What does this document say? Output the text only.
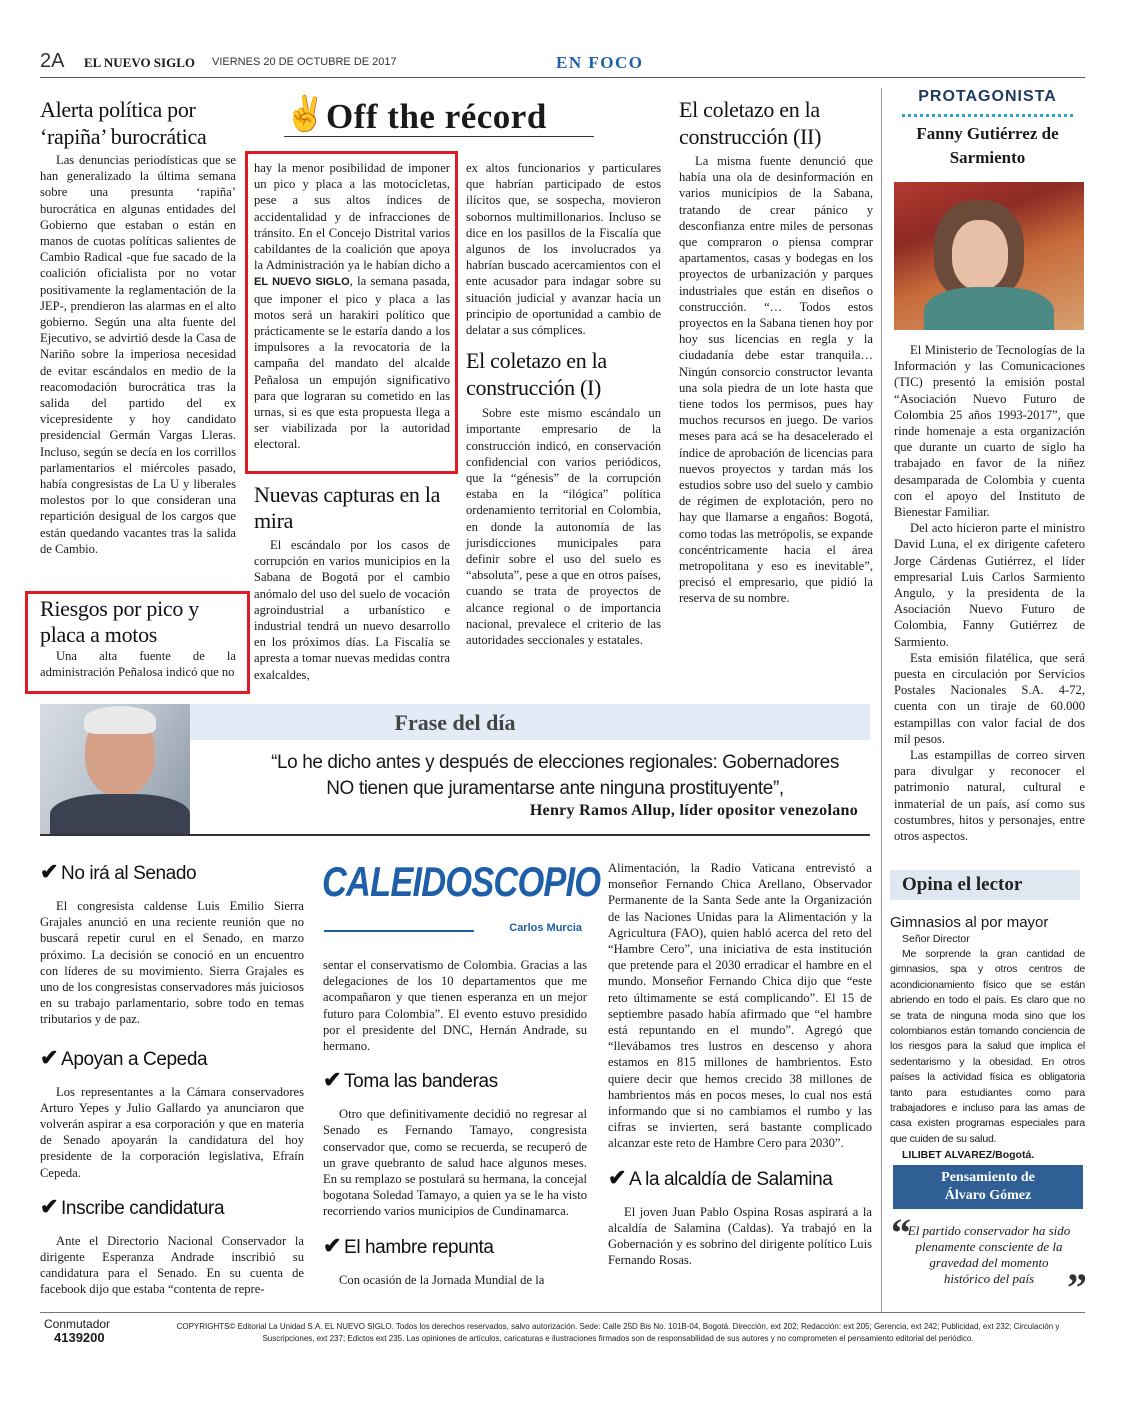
2A EL NUEVO SIGLO VIERNES 20 DE OCTUBRE DE 2017	EN FOCO
Alerta política por ‘rapiña’ burocrática

Las denuncias periodísticas que se han generalizado la última semana sobre una presunta ‘rapiña’ burocrática en algunas entidades del Gobierno que estaban o están en manos de cuotas políticas salientes de Cambio Radical -que fue sacado de la coalición oficialista por no votar positivamente la reglamentación de la JEP-, prendieron las alarmas en el alto gobierno. Según una alta fuente del Ejecutivo, se advirtió desde la Casa de Nariño sobre la imperiosa necesidad de evitar escándalos en medio de la reacomodación burocrática tras la salida del partido del ex vicepresidente y hoy candidato presidencial Germán Vargas Lleras. Incluso, según se decía en los corrillos parlamentarios el miércoles pasado, había congresistas de La U y liberales molestos por lo que consideran una repartición desigual de los cargos que están quedando vacantes tras la salida de Cambio.

Riesgos por pico y placa a motos

Una alta fuente de la administración Peñalosa indicó que no

✌ Off the récord
hay la menor posibilidad de imponer un pico y placa a las motocicletas, pese a sus altos índices de accidentalidad y de infracciones de tránsito. En el Concejo Distrital varios cabildantes de la coalición que apoya la Administración ya le habían dicho a EL NUEVO SIGLO, la semana pasada, que imponer el pico y placa a las motos será un harakiri político que prácticamente se le estaría dando a los impulsores a la revocatoria de la campaña del mandato del alcalde Peñalosa un empujón significativo para que lograran su cometido en las urnas, si es que esta propuesta llega a ser viabilizada por la autoridad electoral.
Nuevas capturas en la mira

El escándalo por los casos de corrupción en varios municipios en la Sabana de Bogotá por el cambio anómalo del uso del suelo de vocación agroindustrial a urbanístico e industrial tendrá un nuevo desarrollo en los próximos días. La Fiscalía se apresta a tomar nuevas medidas contra exalcaldes,

ex altos funcionarios y particulares que habrían participado de estos ilícitos que, se sospecha, movieron sobornos multimillonarios. Incluso se dice en los pasillos de la Fiscalía que algunos de los involucrados ya habrían buscado acercamientos con el ente acusador para indagar sobre su situación judicial y avanzar hacia un principio de oportunidad a cambio de delatar a sus cómplices.
El coletazo en la construcción (I)

Sobre este mismo escándalo un importante empresario de la construcción indicó, en conservación confidencial con varios periódicos, que la “génesis” de la corrupción estaba en la “ilógica” política ordenamiento territorial en Colombia, en donde la autonomía de las jurisdicciones municipales para definir sobre el uso del suelo es “absoluta”, pese a que en otros países, cuando se trata de proyectos de alcance regional o de importancia nacional, prevalece el criterio de las autoridades seccionales y estatales.

El coletazo en la construcción (II)

La misma fuente denunció que había una ola de desinformación en varios municipios de la Sabana, tratando de crear pánico y desconfianza entre miles de personas que compraron o piensa comprar apartamentos, casas y bodegas en los proyectos de urbanización y parques industriales que están en diseños o construcción. “… Todos estos proyectos en la Sabana tienen hoy por hoy sus licencias en regla y la ciudadanía debe estar tranquila… Ningún consorcio constructor levanta una sola piedra de un lote hasta que tiene todos los permisos, pues hay muchos recursos en juego. De varios meses para acá se ha desacelerado el índice de aprobación de licencias para nuevos proyectos y tardan más los estudios sobre uso del suelo y cambio de régimen de explotación, pero no hay que llamarse a engaños: Bogotá, como todas las metrópolis, se expande concéntricamente hacia el área metropolitana y eso es inevitable”, precisó el empresario, que pidió la reserva de su nombre.

PROTAGONISTA
Fanny Gutiérrez de Sarmiento

El Ministerio de Tecnologías de la Información y las Comunicaciones (TIC) presentó la emisión postal “Asociación Nuevo Futuro de Colombia 25 años 1993-2017”, que rinde homenaje a esta organización que durante un cuarto de siglo ha trabajado en favor de la niñez desamparada de Colombia y cuenta con el apoyo del Instituto de Bienestar Familiar.

Del acto hicieron parte el ministro David Luna, el ex dirigente cafetero Jorge Cárdenas Gutiérrez, el líder empresarial Luis Carlos Sarmiento Angulo, y la presidenta de la Asociación Nuevo Futuro de Colombia, Fanny Gutiérrez de Sarmiento.

Esta emisión filatélica, que será puesta en circulación por Servicios Postales Nacionales S.A. 4-72, cuenta con un tiraje de 60.000 estampillas con valor facial de dos mil pesos.

Las estampillas de correo sirven para divulgar y reconocer el patrimonio natural, cultural e inmaterial de un país, así como sus costumbres, hitos y personajes, entre otros aspectos.

Frase del día
“Lo he dicho antes y después de elecciones regionales: Gobernadores NO tienen que juramentarse ante ninguna prostituyente”,
Henry Ramos Allup, líder opositor venezolano
✔ No irá al Senado

El congresista caldense Luis Emilio Sierra Grajales anunció en una reciente reunión que no buscará repetir curul en el Senado, en marzo próximo. La decisión se conoció en un encuentro con líderes de su movimiento. Sierra Grajales es uno de los congresistas conservadores más juiciosos en su trabajo parlamentario, sobre todo en temas tributarios y de paz.

✔ Apoyan a Cepeda

Los representantes a la Cámara conservadores Arturo Yepes y Julio Gallardo ya anunciaron que volverán aspirar a esa corporación y que en materia de Senado apoyarán la candidatura del hoy presidente de la corporación legislativa, Efraín Cepeda.

✔ Inscribe candidatura

Ante el Directorio Nacional Conservador la dirigente Esperanza Andrade inscribió su candidatura para el Senado. En su cuenta de facebook dijo que estaba “contenta de repre-

CALEIDOSCOPIO
Carlos Murcia
sentar el conservatismo de Colombia. Gracias a las delegaciones de los 10 departamentos que me acompañaron y que tienen esperanza en un mejor futuro para Colombia”. El evento estuvo presidido por el presidente del DNC, Hernán Andrade, su hermano.
✔ Toma las banderas

Otro que definitivamente decidió no regresar al Senado es Fernando Tamayo, congresista conservador que, como se recuerda, se recuperó de un grave quebranto de salud hace algunos meses. En su remplazo se postulará su hermana, la concejal bogotana Soledad Tamayo, a quien ya se le ha visto recorriendo varios municipios de Cundinamarca.

✔ El hambre repunta

Con ocasión de la Jornada Mundial de la

Alimentación, la Radio Vaticana entrevistó a monseñor Fernando Chica Arellano, Observador Permanente de la Santa Sede ante la Organización de las Naciones Unidas para la Alimentación y la Agricultura (FAO), quien habló acerca del reto del “Hambre Cero”, una iniciativa de esta institución que pretende para el 2030 erradicar el hambre en el mundo. Monseñor Fernando Chica dijo que “este reto últimamente se está complicando”. El 15 de septiembre pasado había afirmado que “el hambre está repuntando en el mundo”. Agregó que “llevábamos tres lustros en descenso y ahora estamos en 815 millones de hambrientos. Esto quiere decir que hemos crecido 38 millones de hambrientos más en pocos meses, lo cual nos está informando que si no cambiamos el rumbo y las cifras se invierten, será bastante complicado alcanzar este reto de Hambre Cero para 2030”.
✔ A la alcaldía de Salamina

El joven Juan Pablo Ospina Rosas aspirará a la alcaldía de Salamina (Caldas). Ya trabajó en la Gobernación y es sobrino del dirigente político Luis Fernando Rosas.

Opina el lector
Gimnasios al por mayor
Señor Director
Me sorprende la gran cantidad de gimnasios, spa y otros centros de acondicionamiento físico que se están abriendo en todo el país. Es claro que no se trata de ninguna moda sino que los colombianos están tomando conciencia de los riesgos para la salud que implica el sedentarismo y la obesidad. En otros países la actividad física es obligatoria tanto para estudiantes como para trabajadores e incluso para las amas de casa existen programas especiales para que cuiden de su salud.
LILIBET ALVAREZ/Bogotá.
Pensamiento de Álvaro Gómez
“
El partido conservador ha sido plenamente consciente de la gravedad del momento histórico del país ”
Conmutador
4139200
COPYRIGHTS© Editorial La Unidad S.A. EL NUEVO SIGLO. Todos los derechos reservados, salvo autorización. Sede: Calle 25D Bis No. 101B-04, Bogotá. Dirección, ext 202; Redacción: ext 205; Gerencia, ext 242; Publicidad, ext 232; Circulación y Suscripciones, ext 237; Edictos ext 235. Las opiniones de artículos, caricaturas e ilustraciones firmados son de responsabilidad de sus autores y no comprometen el pensamiento editorial del periódico.
